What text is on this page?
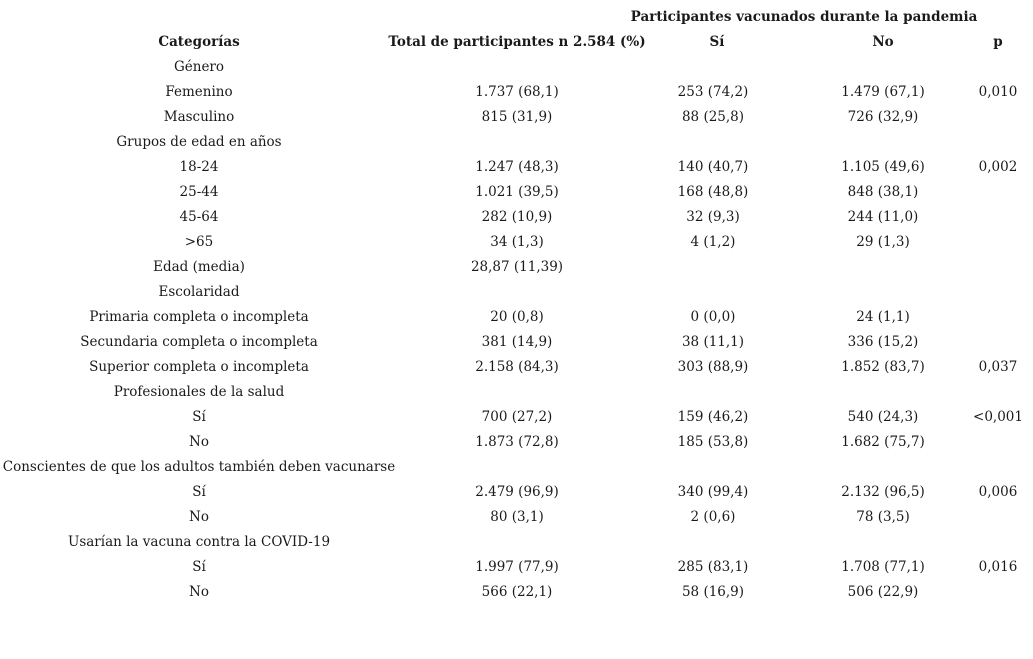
Participantes vacunados durante la pandemia
Categorías	Total de participantes n 2.584 (%)	Sí	No	p
Género
Femenino	1.737 (68,1)	253 (74,2)	1.479 (67,1)	0,010
Masculino	815 (31,9)	88 (25,8)	726 (32,9)
Grupos de edad en años
18-24	1.247 (48,3)	140 (40,7)	1.105 (49,6)	0,002
25-44	1.021 (39,5)	168 (48,8)	848 (38,1)
45-64	282 (10,9)	32 (9,3)	244 (11,0)
>65	34 (1,3)	4 (1,2)	29 (1,3)
Edad (media)	28,87 (11,39)
Escolaridad
Primaria completa o incompleta	20 (0,8)	0 (0,0)	24 (1,1)
Secundaria completa o incompleta	381 (14,9)	38 (11,1)	336 (15,2)
Superior completa o incompleta	2.158 (84,3)	303 (88,9)	1.852 (83,7)	0,037
Profesionales de la salud
Sí	700 (27,2)	159 (46,2)	540 (24,3)	<0,001
No	1.873 (72,8)	185 (53,8)	1.682 (75,7)
Conscientes de que los adultos también deben vacunarse
Sí	2.479 (96,9)	340 (99,4)	2.132 (96,5)	0,006
No	80 (3,1)	2 (0,6)	78 (3,5)
Usarían la vacuna contra la COVID-19
Sí	1.997 (77,9)	285 (83,1)	1.708 (77,1)	0,016
No	566 (22,1)	58 (16,9)	506 (22,9)
